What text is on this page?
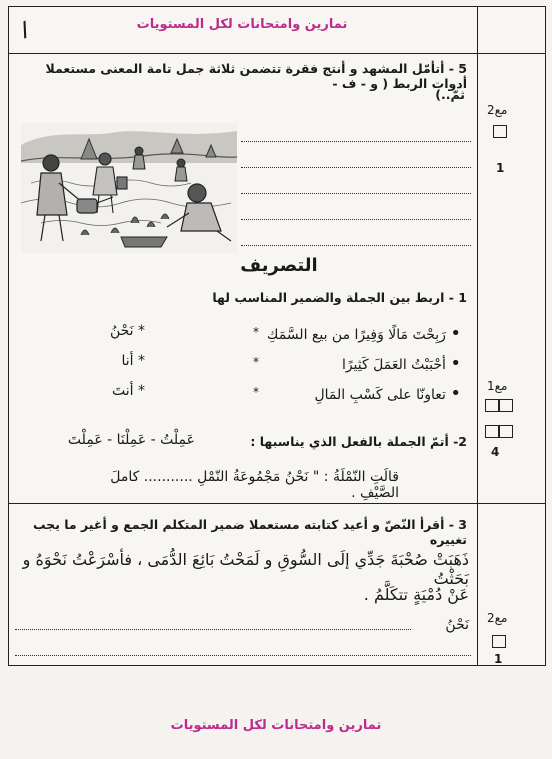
/	تمارين وامتحانات لكل المستويات
5 - أتأمّل المشهد و أنتج فقرة تتضمن ثلاثة جمل تامة المعنى مستعملا أدوات الربط ( و - ف -
ثمّ..)
مع2
1
التصريف
1 - اربط بين الجملة والضمير المناسب لها
• رَبِحْتَ مَالًا وَفِيرًا من بيع السَّمَكِ
• أحْبَبْتُ العَمَلَ كَثِيرًا
• تعاونّا على كَسْبِ المَالِ
*
*
*
* نَحْنُ
* أنا
* أنتَ
2- أتمّ الجملة بالفعل الذي يناسبها :
عَمِلْتُ - عَمِلْنَا - عَمِلْتَ
قالَتِ النّمْلَةُ : " نَحْنُ مَجْمُوعَةُ النّمْلِ ........... كاملَ الصَّيْفِ .
مع1
4
3 - أقرأ النّصّ و أعيد كتابته مستعملا ضمير المتكلم الجمع و أغير ما يجب تغييره
ذَهَبَتْ صُحْبَةَ جَدِّي إلَى السُّوقِ و لَمَحْتُ بَائِعَ الدُّمَى ، فأسْرَعْتُ نَحْوَهُ و بَحَثْتُ
عَنْ دُمْيَةٍ تتكَلَّمُ .
نَحْنُ مع2
1
تمارين وامتحانات لكل المستويات
